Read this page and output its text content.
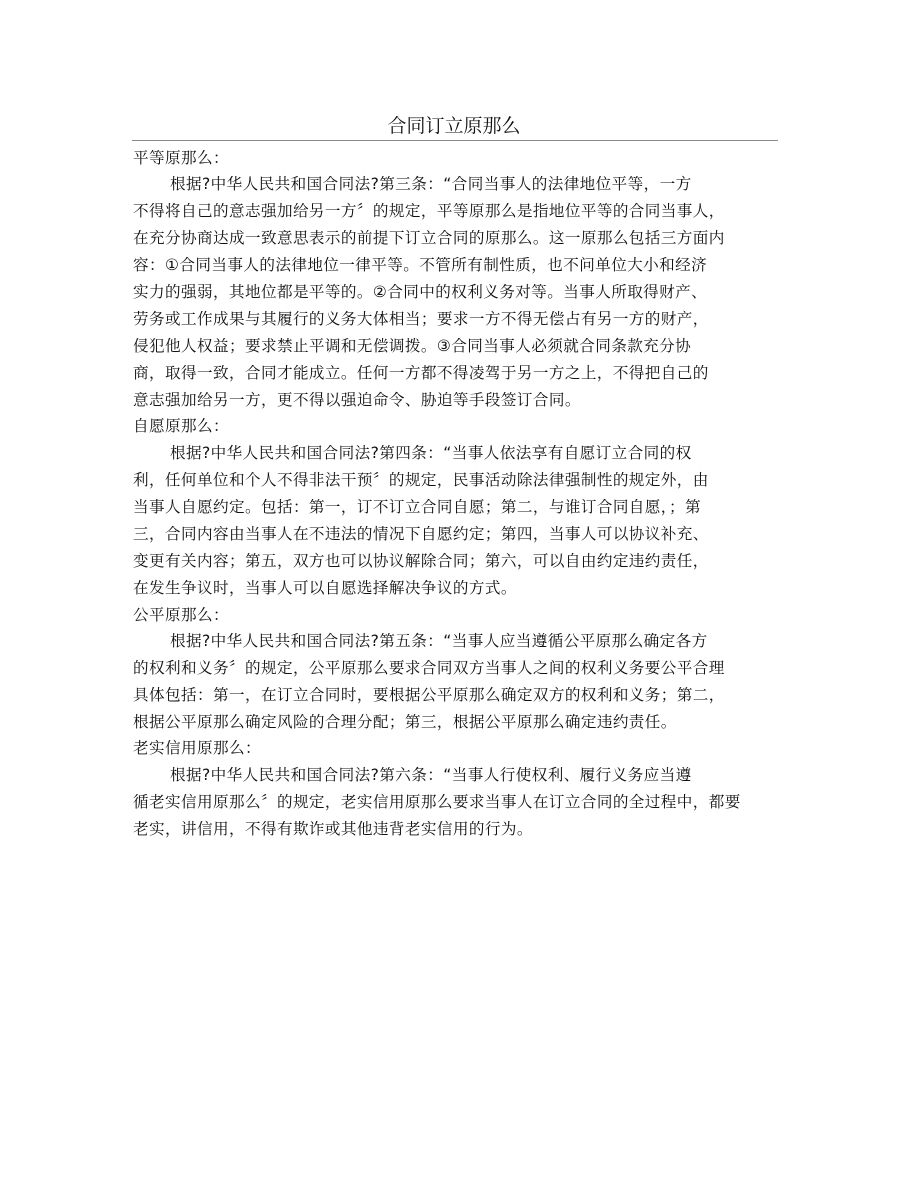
合同订立原那么
平等原那么：
根据?中华人民共和国合同法?第三条：“合同当事人的法律地位平等，一方
不得将自己的意志强加给另一方〞的规定，平等原那么是指地位平等的合同当事人，
在充分协商达成一致意思表示的前提下订立合同的原那么。这一原那么包括三方面内
容：①合同当事人的法律地位一律平等。不管所有制性质，也不问单位大小和经济
实力的强弱，其地位都是平等的。②合同中的权利义务对等。当事人所取得财产、
劳务或工作成果与其履行的义务大体相当；要求一方不得无偿占有另一方的财产，
侵犯他人权益；要求禁止平调和无偿调拨。③合同当事人必须就合同条款充分协
商，取得一致，合同才能成立。任何一方都不得凌驾于另一方之上，不得把自己的
意志强加给另一方，更不得以强迫命令、胁迫等手段签订合同。
自愿原那么：
根据?中华人民共和国合同法?第四条：“当事人依法享有自愿订立合同的权
利，任何单位和个人不得非法干预〞的规定，民事活动除法律强制性的规定外，由
当事人自愿约定。包括：第一，订不订立合同自愿；第二，与谁订合同自愿，；第
三，合同内容由当事人在不违法的情况下自愿约定；第四，当事人可以协议补充、
变更有关内容；第五，双方也可以协议解除合同；第六，可以自由约定违约责任，
在发生争议时，当事人可以自愿选择解决争议的方式。
公平原那么：
根据?中华人民共和国合同法?第五条：“当事人应当遵循公平原那么确定各方
的权利和义务〞的规定，公平原那么要求合同双方当事人之间的权利义务要公平合理
具体包括：第一，在订立合同时，要根据公平原那么确定双方的权利和义务；第二，
根据公平原那么确定风险的合理分配；第三，根据公平原那么确定违约责任。
老实信用原那么：
根据?中华人民共和国合同法?第六条：“当事人行使权利、履行义务应当遵
循老实信用原那么〞的规定，老实信用原那么要求当事人在订立合同的全过程中，都要
老实，讲信用，不得有欺诈或其他违背老实信用的行为。
